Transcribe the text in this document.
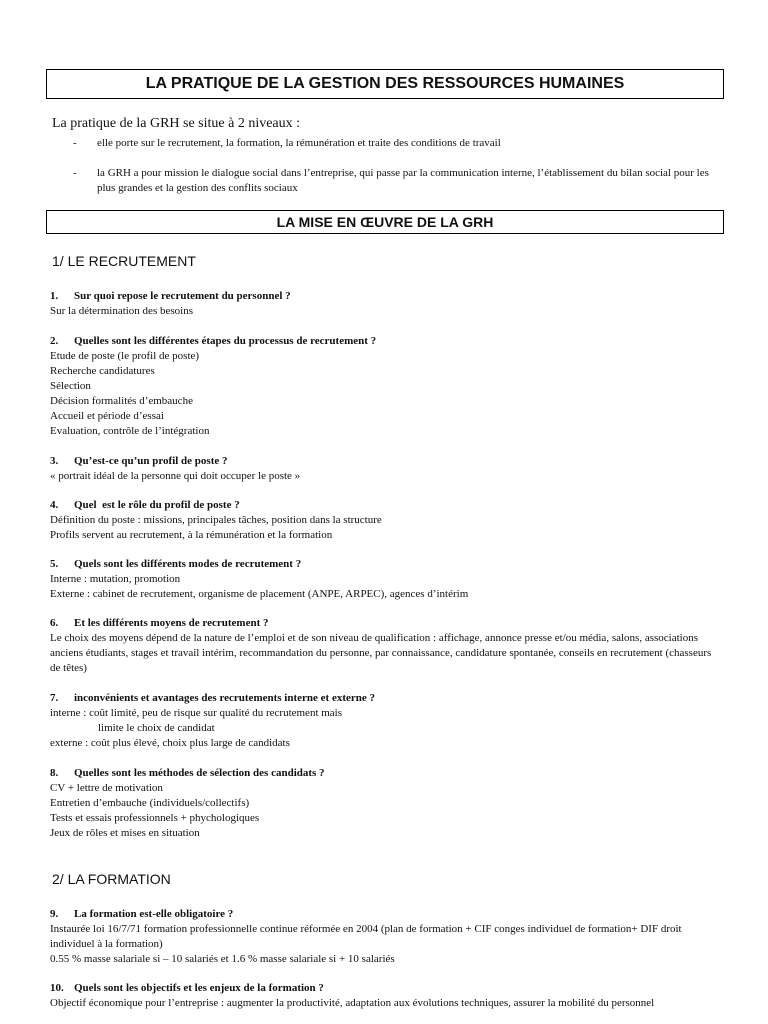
LA PRATIQUE DE LA GESTION DES RESSOURCES HUMAINES
La pratique de la GRH se situe à 2 niveaux :
- elle porte sur le recrutement, la formation, la rémunération et traite des conditions de travail
- la GRH a pour mission le dialogue social dans l’entreprise, qui passe par la communication interne, l’établissement du bilan social pour les plus grandes et la gestion des conflits sociaux
LA MISE EN ŒUVRE DE LA GRH
1/ LE RECRUTEMENT
1. Sur quoi repose le recrutement du personnel ?
Sur la détermination des besoins
2. Quelles sont les différentes étapes du processus de recrutement ?
Etude de poste (le profil de poste)
Recherche candidatures
Sélection
Décision formalités d’embauche
Accueil et période d’essai
Evaluation, contrôle de l’intégration
3. Qu’est-ce qu’un profil de poste ?
« portrait idéal de la personne qui doit occuper le poste »
4. Quel  est le rôle du profil de poste ?
Définition du poste : missions, principales tâches, position dans la structure
Profils servent au recrutement, à la rémunération et la formation
5. Quels sont les différents modes de recrutement ?
Interne : mutation, promotion
Externe : cabinet de recrutement, organisme de placement (ANPE, ARPEC), agences d’intérim
6. Et les différents moyens de recrutement ?
Le choix des moyens dépend de la nature de l’emploi et de son niveau de qualification : affichage, annonce presse et/ou média, salons, associations anciens étudiants, stages et travail intérim, recommandation du personne, par connaissance, candidature spontanée, conseils en recrutement (chasseurs de têtes)
7. inconvénients et avantages des recrutements interne et externe ?
interne : coût limité, peu de risque sur qualité du recrutement mais
limite le choix de candidat
externe : coût plus élevé, choix plus large de candidats
8. Quelles sont les méthodes de sélection des candidats ?
CV + lettre de motivation
Entretien d’embauche (individuels/collectifs)
Tests et essais professionnels + phychologiques
Jeux de rôles et mises en situation
2/ LA FORMATION
9. La formation est-elle obligatoire ?
Instaurée loi 16/7/71 formation professionnelle continue réformée en 2004 (plan de formation + CIF conges individuel de formation+ DIF droit individuel à la formation)
0.55 % masse salariale si – 10 salariés et 1.6 % masse salariale si + 10 salariés
10. Quels sont les objectifs et les enjeux de la formation ?
Objectif économique pour l’entreprise : augmenter la productivité, adaptation aux évolutions techniques, assurer la mobilité du personnel
